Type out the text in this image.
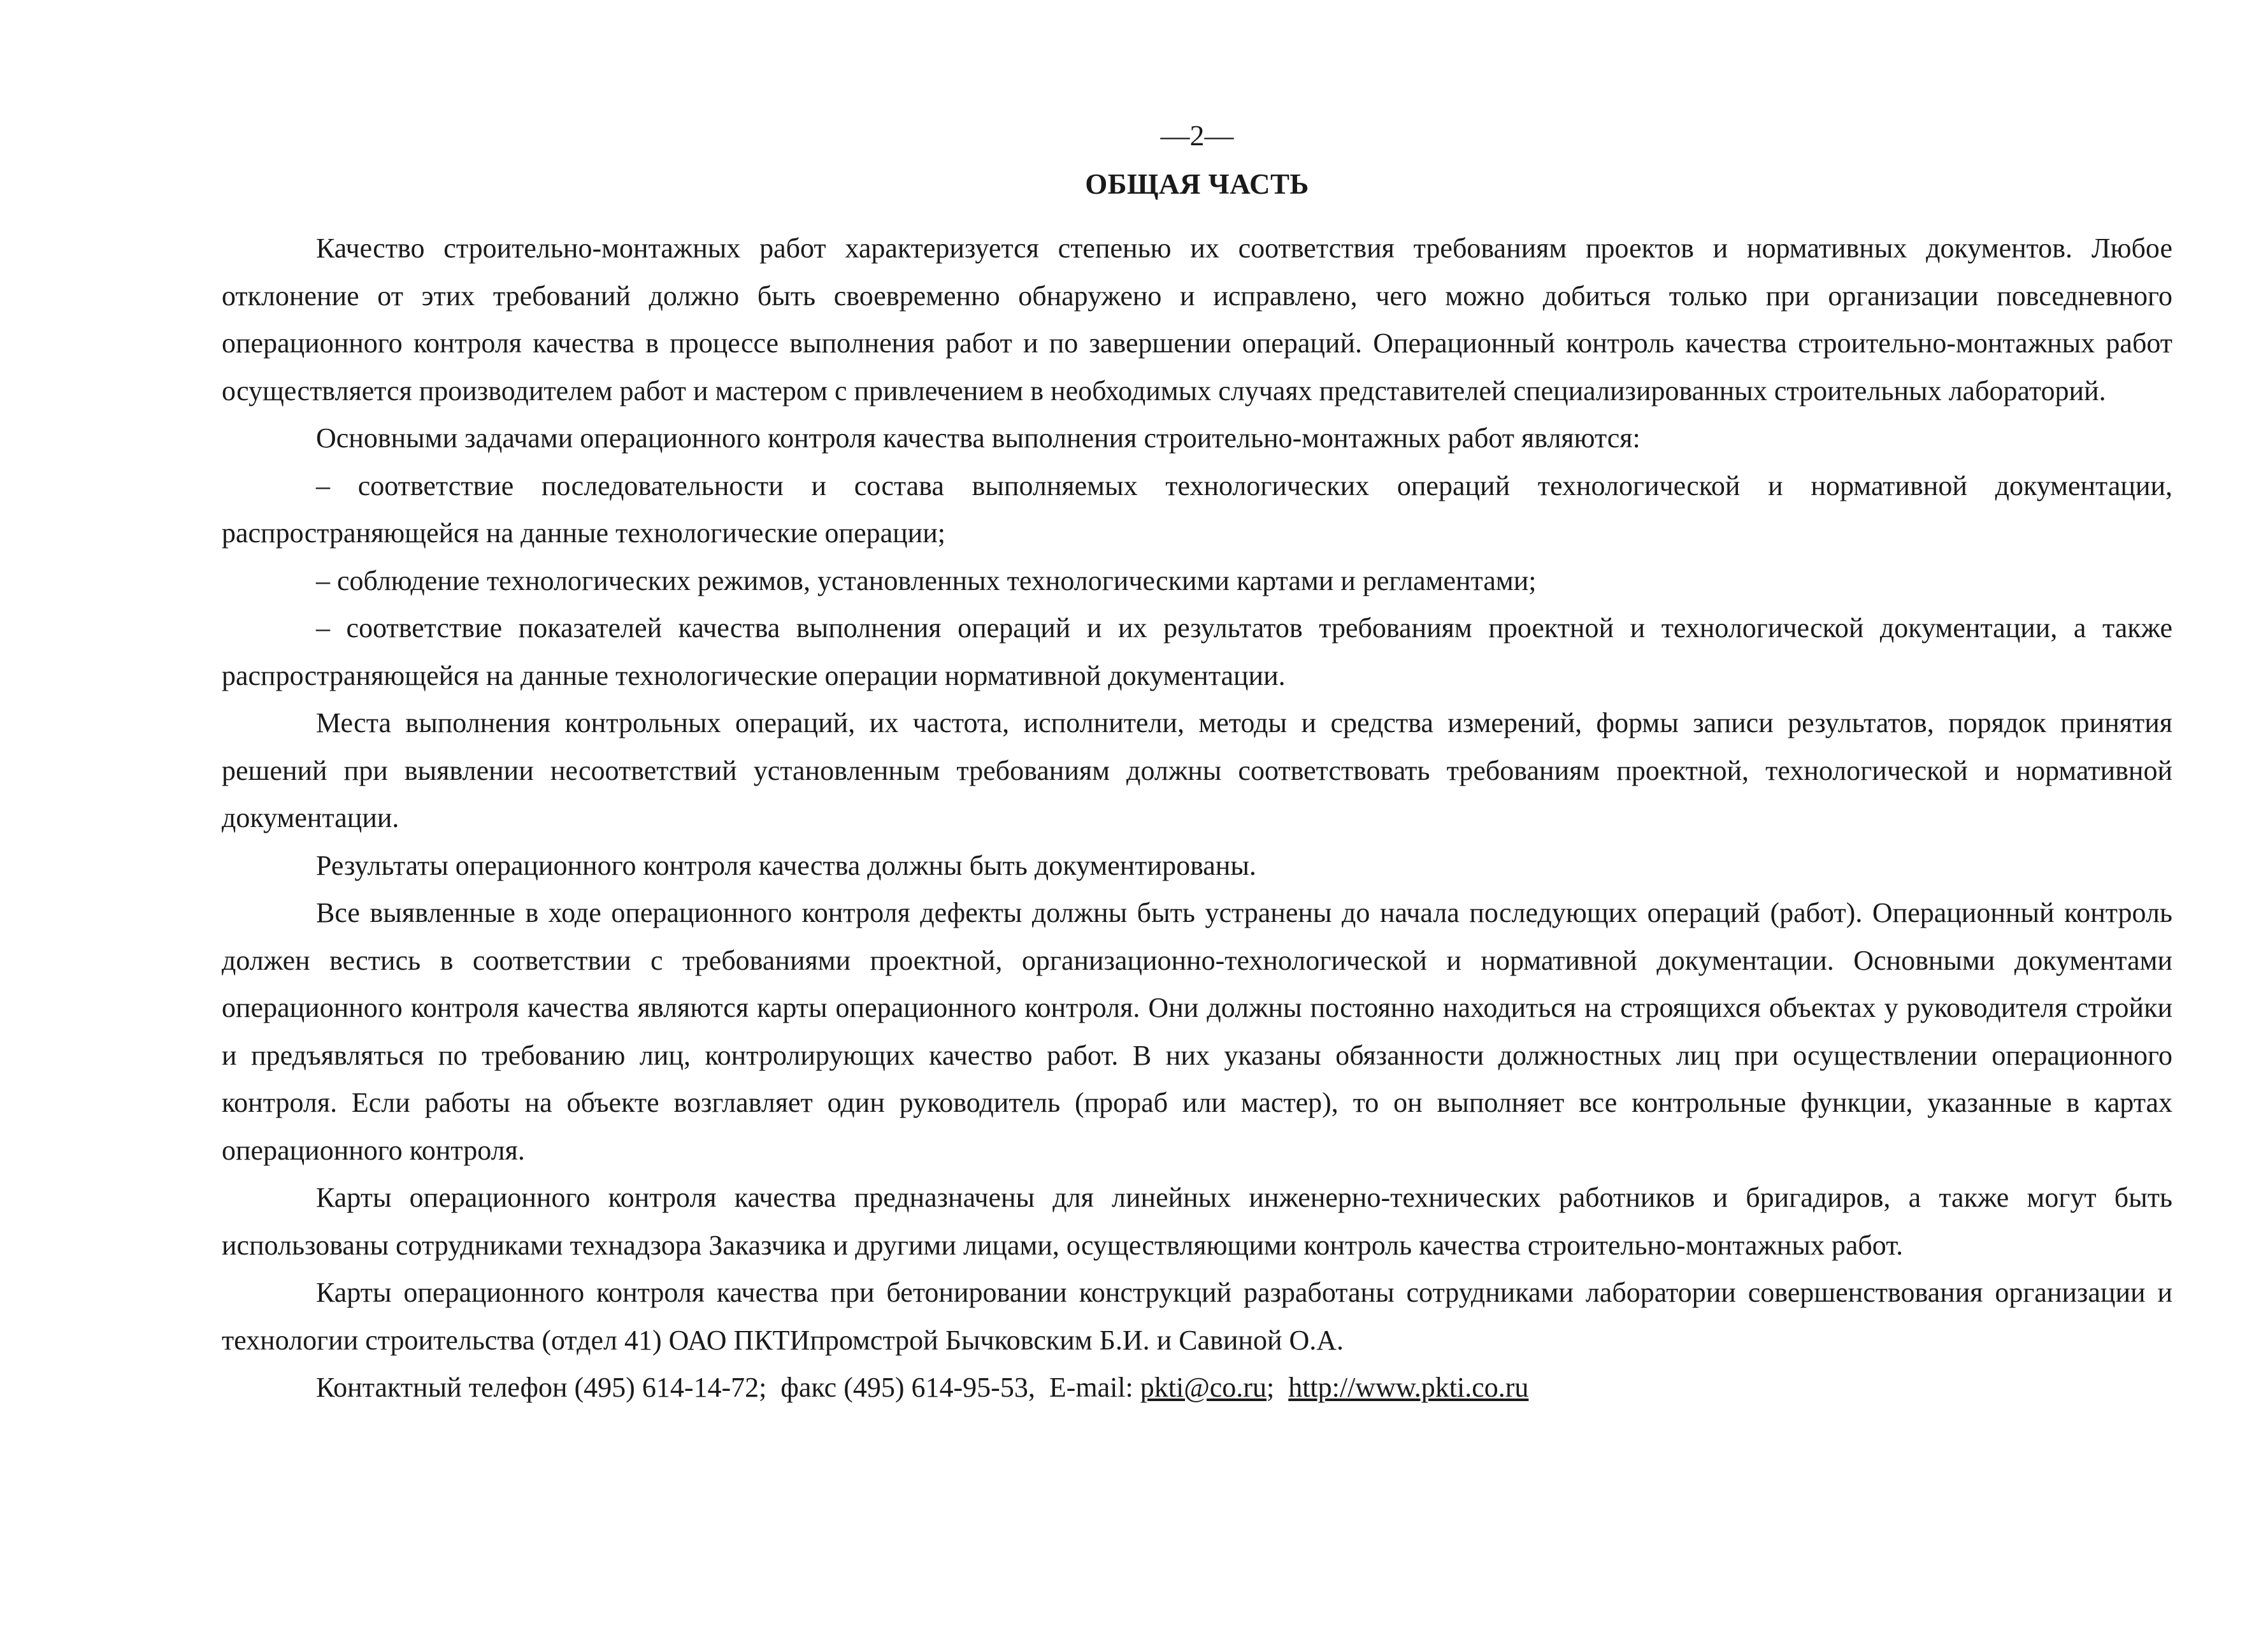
—2—
ОБЩАЯ ЧАСТЬ

Качество строительно-монтажных работ характеризуется степенью их соответствия требованиям проектов и нормативных документов. Любое отклонение от этих требований должно быть своевременно обнаружено и исправлено, чего можно добиться только при организации повседневного операционного контроля качества в процессе выполнения работ и по завершении операций. Операционный контроль качества строительно-монтажных работ осуществляется производителем работ и мастером с привлечением в необходимых случаях представителей специализированных строительных лабораторий.

Основными задачами операционного контроля качества выполнения строительно-монтажных работ являются:

– соответствие последовательности и состава выполняемых технологических операций технологической и нормативной документации, распространяющейся на данные технологические операции;

– соблюдение технологических режимов, установленных технологическими картами и регламентами;

– соответствие показателей качества выполнения операций и их результатов требованиям проектной и технологической документации, а также распространяющейся на данные технологические операции нормативной документации.

Места выполнения контрольных операций, их частота, исполнители, методы и средства измерений, формы записи результатов, порядок принятия решений при выявлении несоответствий установленным требованиям должны соответствовать требованиям проектной, технологической и нормативной документации.

Результаты операционного контроля качества должны быть документированы.

Все выявленные в ходе операционного контроля дефекты должны быть устранены до начала последующих операций (работ). Операционный контроль должен вестись в соответствии с требованиями проектной, организационно-технологической и нормативной документации. Основными документами операционного контроля качества являются карты операционного контроля. Они должны постоянно находиться на строящихся объектах у руководителя стройки и предъявляться по требованию лиц, контролирующих качество работ. В них указаны обязанности должностных лиц при осуществлении операционного контроля. Если работы на объекте возглавляет один руководитель (прораб или мастер), то он выполняет все контрольные функции, указанные в картах операционного контроля.

Карты операционного контроля качества предназначены для линейных инженерно-технических работников и бригадиров, а также могут быть использованы сотрудниками технадзора Заказчика и другими лицами, осуществляющими контроль качества строительно-монтажных работ.

Карты операционного контроля качества при бетонировании конструкций разработаны сотрудниками лаборатории совершенствования организации и технологии строительства (отдел 41) ОАО ПКТИпромстрой Бычковским Б.И. и Савиной О.А.

Контактный телефон (495) 614-14-72; факс (495) 614-95-53, E-mail: pkti@co.ru; http://www.pkti.co.ru
